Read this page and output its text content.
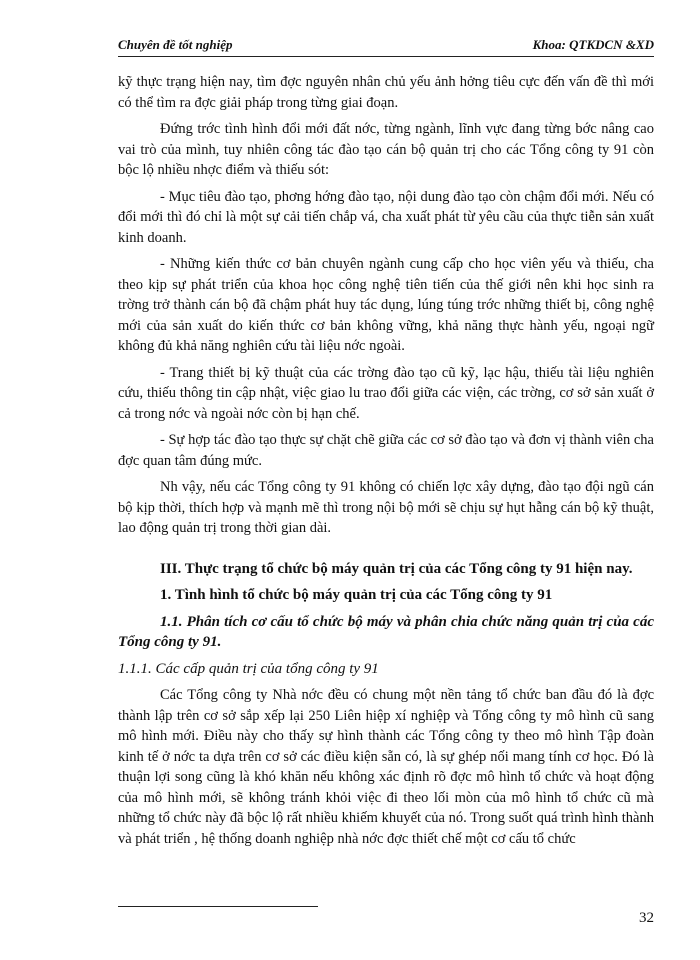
Chuyên đề tốt nghiệp	Khoa: QTKDCN &XD

kỹ thực trạng hiện nay, tìm đợc nguyên nhân chủ yếu ảnh hởng tiêu cực đến vấn đề thì mới có thể tìm ra đợc giải pháp trong từng giai đoạn.

Đứng trớc tình hình đổi mới đất nớc, từng ngành, lĩnh vực đang từng bớc nâng cao vai trò của mình, tuy nhiên công tác đào tạo cán bộ quản trị cho các Tổng công ty 91 còn bộc lộ nhiều nhợc điểm và thiếu sót:

- Mục tiêu đào tạo, phơng hớng đào tạo, nội dung đào tạo còn chậm đổi mới. Nếu có đổi mới thì đó chỉ là một sự cải tiến chắp vá, cha xuất phát từ yêu cầu của thực tiễn sản xuất kinh doanh.

- Những kiến thức cơ bản chuyên ngành cung cấp cho học viên yếu và thiếu, cha theo kịp sự phát triển của khoa học công nghệ tiên tiến của thế giới nên khi học sinh ra trờng trở thành cán bộ đã chậm phát huy tác dụng, lúng túng trớc những thiết bị, công nghệ mới của sản xuất do kiến thức cơ bản không vững, khả năng thực hành yếu, ngoại ngữ không đủ khả năng nghiên cứu tài liệu nớc ngoài.

- Trang thiết bị kỹ thuật của các trờng đào tạo cũ kỹ, lạc hậu, thiếu tài liệu nghiên cứu, thiếu thông tin cập nhật, việc giao lu trao đổi giữa các viện, các trờng, cơ sở sản xuất ở cả trong nớc và ngoài nớc còn bị hạn chế.

- Sự hợp tác đào tạo thực sự chặt chẽ giữa các cơ sở đào tạo và đơn vị thành viên cha đợc quan tâm đúng mức.

Nh vậy, nếu các Tổng công ty 91 không có chiến lợc xây dựng, đào tạo đội ngũ cán bộ kịp thời, thích hợp và mạnh mẽ thì trong nội bộ mới sẽ chịu sự hụt hẫng cán bộ kỹ thuật, lao động quản trị trong thời gian dài.

III. Thực trạng tổ chức bộ máy quản trị của các Tổng công ty 91 hiện nay.

1. Tình hình tổ chức bộ máy quản trị của các Tổng công ty 91

1.1. Phân tích cơ cấu tổ chức bộ máy và phân chia chức năng quản trị của các Tổng công ty 91.

1.1.1. Các cấp quản trị của tổng công ty 91

Các Tổng công ty Nhà nớc đều có chung một nền tảng tổ chức ban đầu đó là đợc thành lập trên cơ sở sắp xếp lại 250 Liên hiệp xí nghiệp và Tổng công ty mô hình cũ sang mô hình mới. Điều này cho thấy sự hình thành các Tổng công ty theo mô hình Tập đoàn kinh tế ở nớc ta dựa trên cơ sở các điều kiện sẵn có, là sự ghép nối mang tính cơ học. Đó là thuận lợi song cũng là khó khăn nếu không xác định rõ đợc mô hình tổ chức và hoạt động của mô hình mới, sẽ không tránh khỏi việc đi theo lối mòn của mô hình tổ chức cũ mà những tổ chức này đã bộc lộ rất nhiều khiếm khuyết của nó. Trong suốt quá trình hình thành và phát triển , hệ thống doanh nghiệp nhà nớc đợc thiết chế một cơ cấu tổ chức

32
